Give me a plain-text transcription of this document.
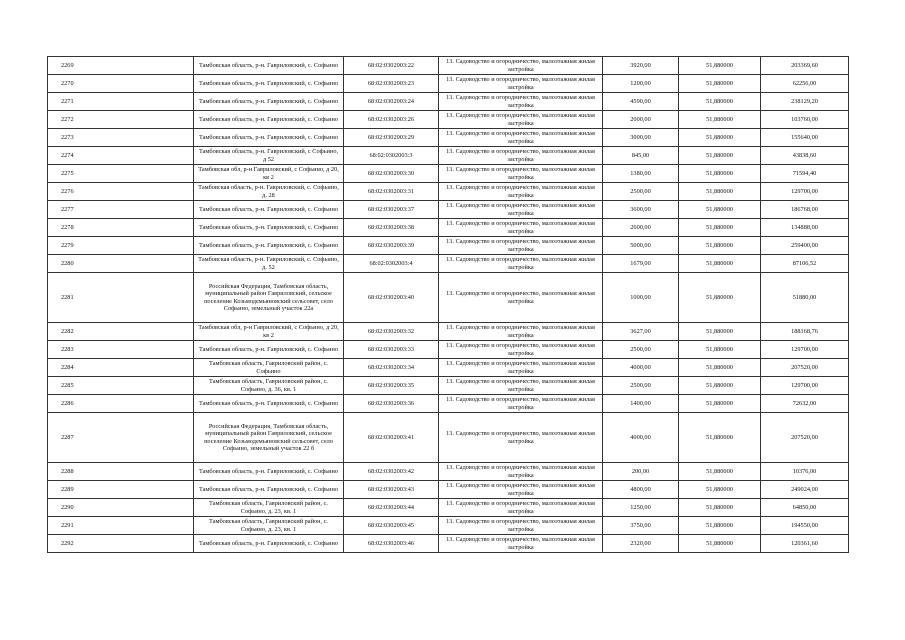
2269	Тамбовская область, р-н. Гавриловский, с. Софьино	68:02:0302003:22	13. Садоводство и огородничество, малоэтажная жилая застройка	3920,00	51,880000	203369,60
2270	Тамбовская область, р-н. Гавриловский, с. Софьино	68:02:0302003:23	13. Садоводство и огородничество, малоэтажная жилая застройка	1200,00	51,880000	62256,00
2271	Тамбовская область, р-н. Гавриловский, с. Софьино	68:02:0302003:24	13. Садоводство и огородничество, малоэтажная жилая застройка	4590,00	51,880000	238129,20
2272	Тамбовская область, р-н. Гавриловский, с. Софьино	68:02:0302003:26	13. Садоводство и огородничество, малоэтажная жилая застройка	2000,00	51,880000	103760,00
2273	Тамбовская область, р-н. Гавриловский, с. Софьино	68:02:0302003:29	13. Садоводство и огородничество, малоэтажная жилая застройка	3000,00	51,880000	155640,00
2274	Тамбовская область, р-н. Гавриловский, с Софьино, д 52	68:02:0302003:3	13. Садоводство и огородничество, малоэтажная жилая застройка	845,00	51,880000	43838,60
2275	Тамбовская обл, р-н Гавриловский, с Софьино, д 20, кв 2	68:02:0302003:30	13. Садоводство и огородничество, малоэтажная жилая застройка	1380,00	51,880000	71594,40
2276	Тамбовская область, р-н. Гавриловский, с. Софьино, д. 28	68:02:0302003:31	13. Садоводство и огородничество, малоэтажная жилая застройка	2500,00	51,880000	129700,00
2277	Тамбовская область, р-н. Гавриловский, с. Софьино	68:02:0302003:37	13. Садоводство и огородничество, малоэтажная жилая застройка	3600,00	51,880000	186768,00
2278	Тамбовская область, р-н. Гавриловский, с. Софьино	68:02:0302003:38	13. Садоводство и огородничество, малоэтажная жилая застройка	2600,00	51,880000	134888,00
2279	Тамбовская область, р-н. Гавриловский, с. Софьино	68:02:0302003:39	13. Садоводство и огородничество, малоэтажная жилая застройка	5000,00	51,880000	259400,00
2280	Тамбовская область, р-н. Гавриловский, с. Софьино, д. 52	68:02:0302003:4	13. Садоводство и огородничество, малоэтажная жилая застройка	1679,00	51,880000	87106,52
2281	Российская Федерация, Тамбовская область, муниципальный район Гавриловский, сельское поселение Козьмодемьяновский сельсовет, село Софьино, земельный участок 22а	68:02:0302003:40	13. Садоводство и огородничество, малоэтажная жилая застройка	1000,00	51,880000	51880,00
2282	Тамбовская обл, р-н Гавриловский, с Софьино, д 20, кв 2	68:02:0302003:32	13. Садоводство и огородничество, малоэтажная жилая застройка	3627,00	51,880000	188168,76
2283	Тамбовская область, р-н. Гавриловский, с. Софьино	68:02:0302003:33	13. Садоводство и огородничество, малоэтажная жилая застройка	2500,00	51,880000	129700,00
2284	Тамбовская область, Гавриловский район, с. Софьино	68:02:0302003:34	13. Садоводство и огородничество, малоэтажная жилая застройка	4000,00	51,880000	207520,00
2285	Тамбовская область, Гавриловский район, с. Софьино, д. 36, кв. 1	68:02:0302003:35	13. Садоводство и огородничество, малоэтажная жилая застройка	2500,00	51,880000	129700,00
2286	Тамбовская область, р-н. Гавриловский, с. Софьино	68:02:0302003:36	13. Садоводство и огородничество, малоэтажная жилая застройка	1400,00	51,880000	72632,00
2287	Российская Федерация, Тамбовская область, муниципальный район Гавриловский, сельское поселение Козьмодемьяновский сельсовет, село Софьино, земельный участок 22 б	68:02:0302003:41	13. Садоводство и огородничество, малоэтажная жилая застройка	4000,00	51,880000	207520,00
2288	Тамбовская область, р-н. Гавриловский, с. Софьино	68:02:0302003:42	13. Садоводство и огородничество, малоэтажная жилая застройка	200,00	51,880000	10376,00
2289	Тамбовская область, р-н. Гавриловский, с. Софьино	68:02:0302003:43	13. Садоводство и огородничество, малоэтажная жилая застройка	4800,00	51,880000	249024,00
2290	Тамбовская область, Гавриловский район, с. Софьино, д. 23, кв. 1	68:02:0302003:44	13. Садоводство и огородничество, малоэтажная жилая застройка	1250,00	51,880000	64850,00
2291	Тамбовская область, Гавриловский район, с. Софьино, д. 23, кв. 1	68:02:0302003:45	13. Садоводство и огородничество, малоэтажная жилая застройка	3750,00	51,880000	194550,00
2292	Тамбовская область, р-н. Гавриловский, с. Софьино	68:02:0302003:46	13. Садоводство и огородничество, малоэтажная жилая застройка	2320,00	51,880000	120361,60
